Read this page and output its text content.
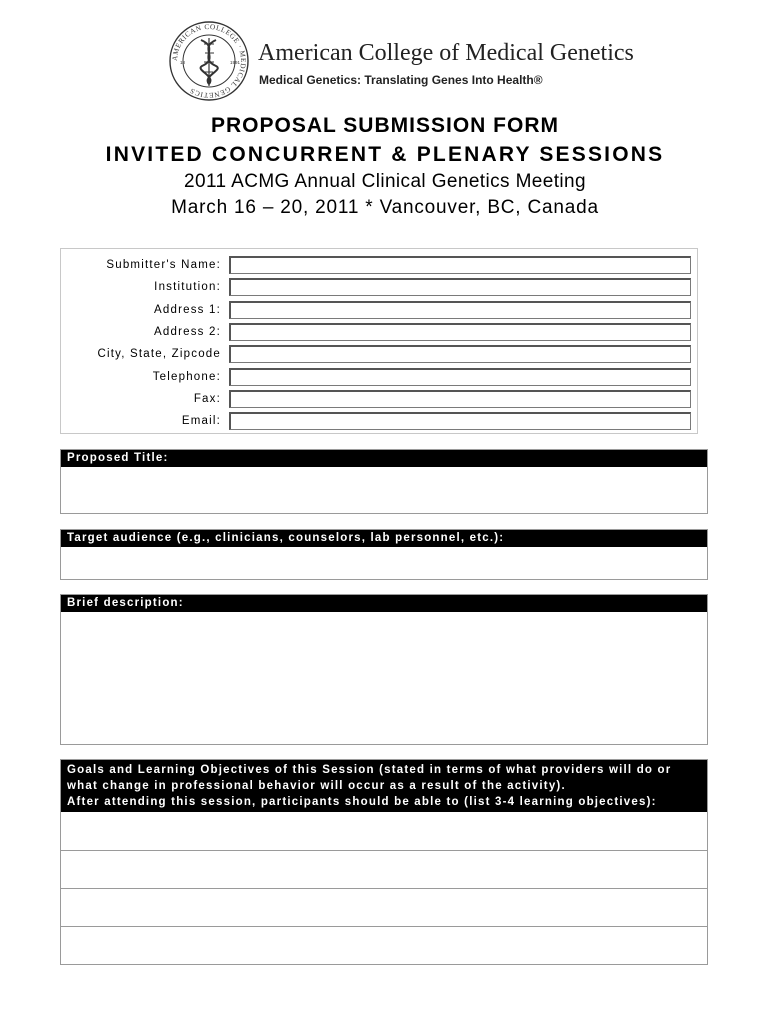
AMERICAN COLLEGE · MEDICAL GENETICS
18	1991 American College of Medical Genetics
Medical Genetics: Translating Genes Into Health®
PROPOSAL SUBMISSION FORM
INVITED CONCURRENT & PLENARY SESSIONS
2011 ACMG Annual Clinical Genetics Meeting
March 16 – 20, 2011 * Vancouver, BC, Canada
Submitter's Name:
Institution:
Address 1:
Address 2:
City, State, Zipcode
Telephone:
Fax:
Email:
Proposed Title:
Target audience (e.g., clinicians, counselors, lab personnel, etc.):
Brief description:
Goals and Learning Objectives of this Session (stated in terms of what providers will do or what change in professional behavior will occur as a result of the activity).
After attending this session, participants should be able to (list 3-4 learning objectives):
